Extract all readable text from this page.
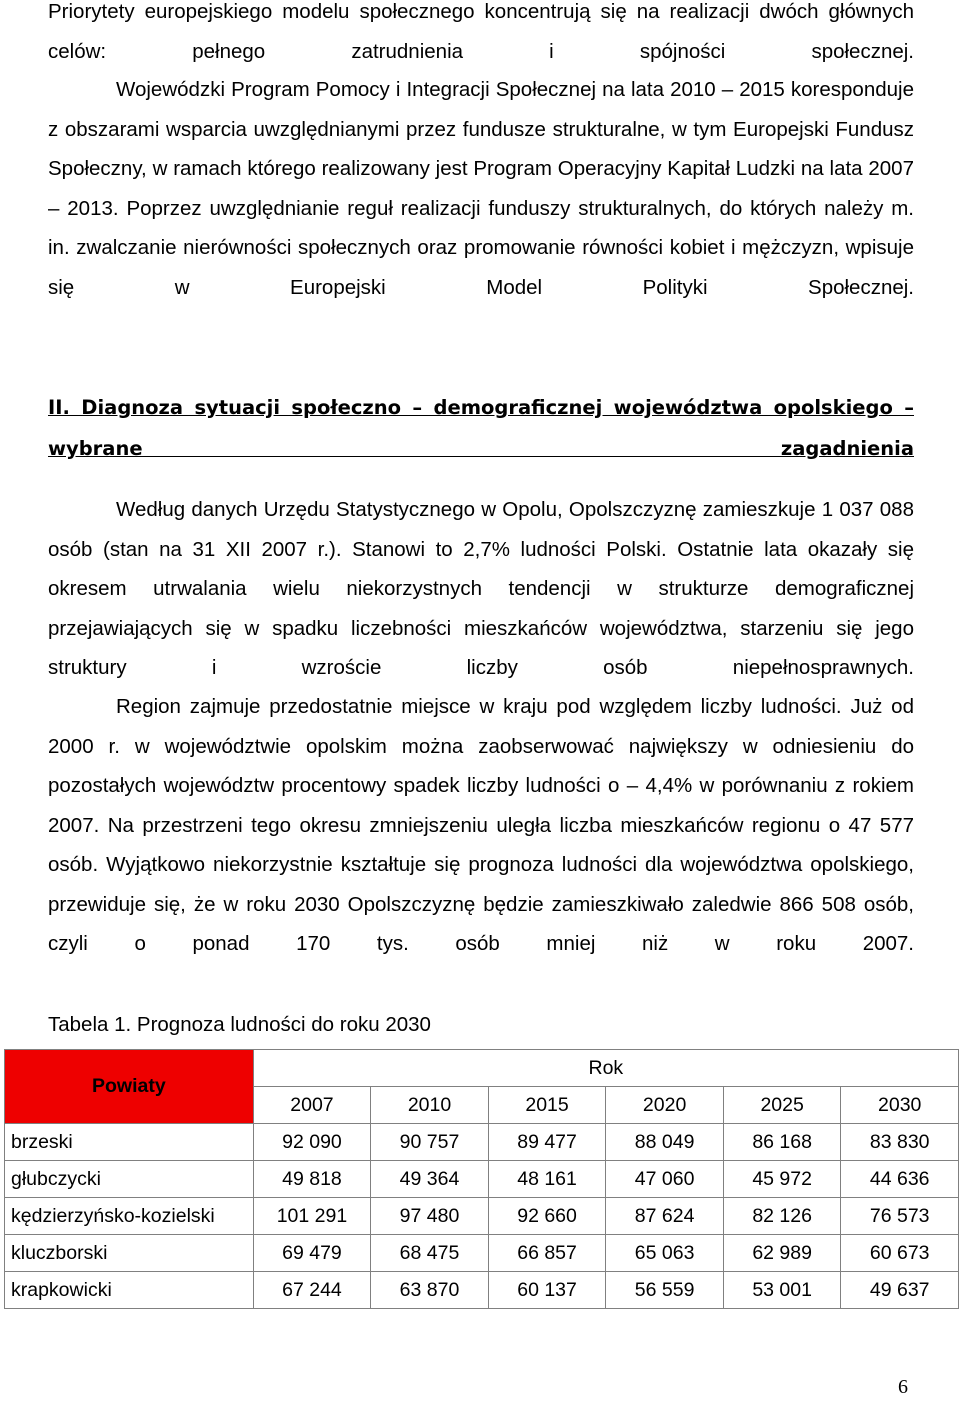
Priorytety europejskiego modelu społecznego koncentrują się na realizacji dwóch głównych celów: pełnego zatrudnienia i spójności społecznej.
Wojewódzki Program Pomocy i Integracji Społecznej na lata 2010 – 2015 koresponduje z obszarami wsparcia uwzględnianymi przez fundusze strukturalne, w tym Europejski Fundusz Społeczny, w ramach którego realizowany jest Program Operacyjny Kapitał Ludzki na lata 2007 – 2013. Poprzez uwzględnianie reguł realizacji funduszy strukturalnych, do których należy m. in. zwalczanie nierówności społecznych oraz promowanie równości kobiet i mężczyzn, wpisuje się w Europejski Model Polityki Społecznej.
II. Diagnoza sytuacji społeczno – demograficznej województwa opolskiego – wybrane zagadnienia
Według danych Urzędu Statystycznego w Opolu, Opolszczyznę zamieszkuje 1 037 088 osób (stan na 31 XII 2007 r.). Stanowi to 2,7% ludności Polski. Ostatnie lata okazały się okresem utrwalania wielu niekorzystnych tendencji w strukturze demograficznej przejawiających się w spadku liczebności mieszkańców województwa, starzeniu się jego struktury i wzroście liczby osób niepełnosprawnych.
Region zajmuje przedostatnie miejsce w kraju pod względem liczby ludności. Już od 2000 r. w województwie opolskim można zaobserwować największy w odniesieniu do pozostałych województw procentowy spadek liczby ludności o – 4,4% w porównaniu z rokiem 2007. Na przestrzeni tego okresu zmniejszeniu uległa liczba mieszkańców regionu o 47 577 osób. Wyjątkowo niekorzystnie kształtuje się prognoza ludności dla województwa opolskiego, przewiduje się, że w roku 2030 Opolszczyznę będzie zamieszkiwało zaledwie 866 508 osób, czyli o ponad 170 tys. osób mniej niż w roku 2007.
Tabela 1. Prognoza ludności do roku 2030
Powiaty	Rok					
	2007	2010	2015	2020	2025	2030
brzeski	92 090	90 757	89 477	88 049	86 168	83 830
głubczycki	49 818	49 364	48 161	47 060	45 972	44 636
kędzierzyńsko-kozielski	101 291	97 480	92 660	87 624	82 126	76 573
kluczborski	69 479	68 475	66 857	65 063	62 989	60 673
krapkowicki	67 244	63 870	60 137	56 559	53 001	49 637
6
